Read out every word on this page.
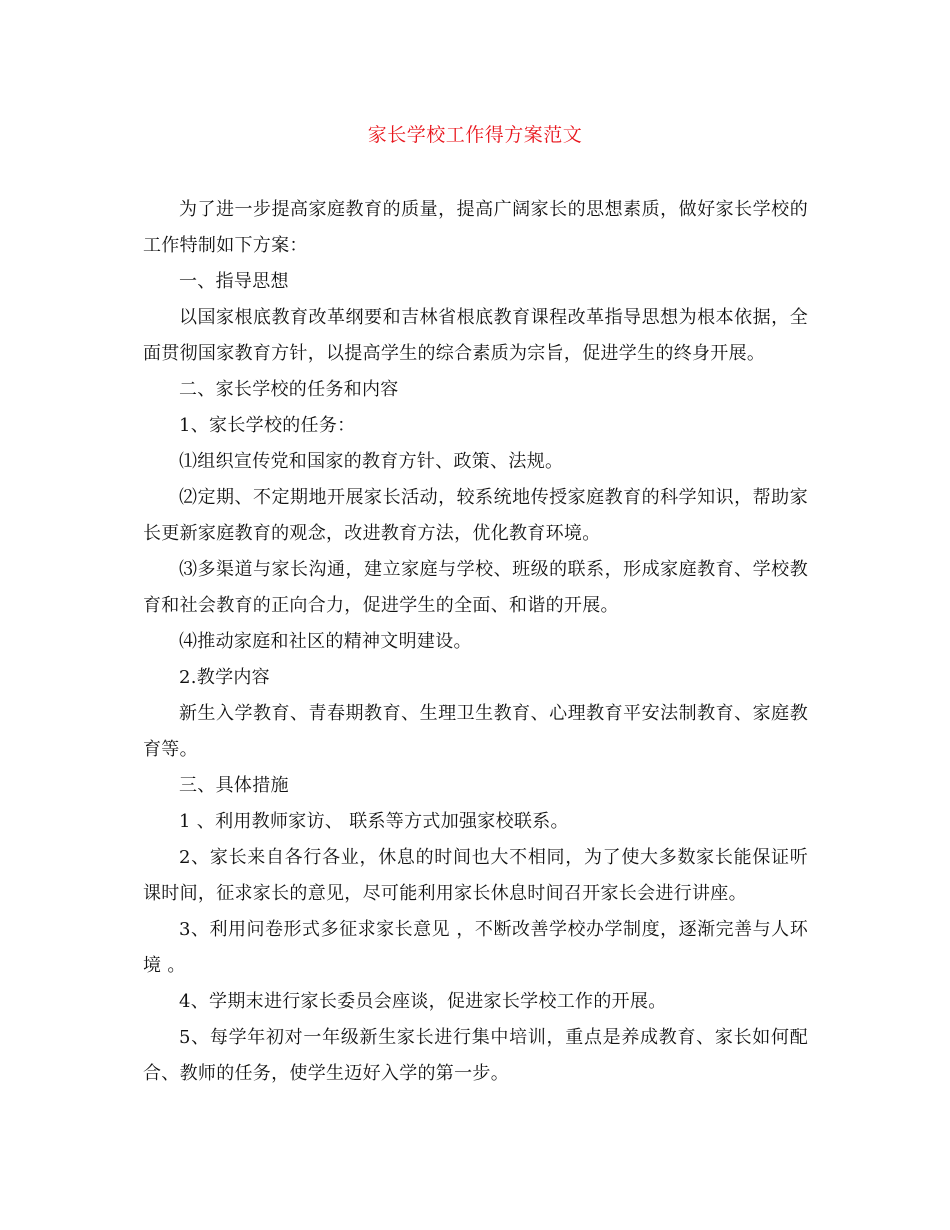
家长学校工作得方案范文

为了进一步提高家庭教育的质量，提高广阔家长的思想素质，做好家长学校的工作特制如下方案：

一、指导思想

以国家根底教育改革纲要和吉林省根底教育课程改革指导思想为根本依据，全面贯彻国家教育方针，以提高学生的综合素质为宗旨，促进学生的终身开展。

二、家长学校的任务和内容

1、家长学校的任务：

⑴组织宣传党和国家的教育方针、政策、法规。

⑵定期、不定期地开展家长活动，较系统地传授家庭教育的科学知识，帮助家长更新家庭教育的观念，改进教育方法，优化教育环境。

⑶多渠道与家长沟通，建立家庭与学校、班级的联系，形成家庭教育、学校教育和社会教育的正向合力，促进学生的全面、和谐的开展。

⑷推动家庭和社区的精神文明建设。

2.教学内容

新生入学教育、青春期教育、生理卫生教育、心理教育平安法制教育、家庭教育等。

三、具体措施

1 、利用教师家访、 联系等方式加强家校联系。

2、家长来自各行各业，休息的时间也大不相同，为了使大多数家长能保证听课时间，征求家长的意见，尽可能利用家长休息时间召开家长会进行讲座。

3、利用问卷形式多征求家长意见 ，不断改善学校办学制度，逐渐完善与人环境 。

4、学期末进行家长委员会座谈，促进家长学校工作的开展。

5、每学年初对一年级新生家长进行集中培训，重点是养成教育、家长如何配合、教师的任务，使学生迈好入学的第一步。
